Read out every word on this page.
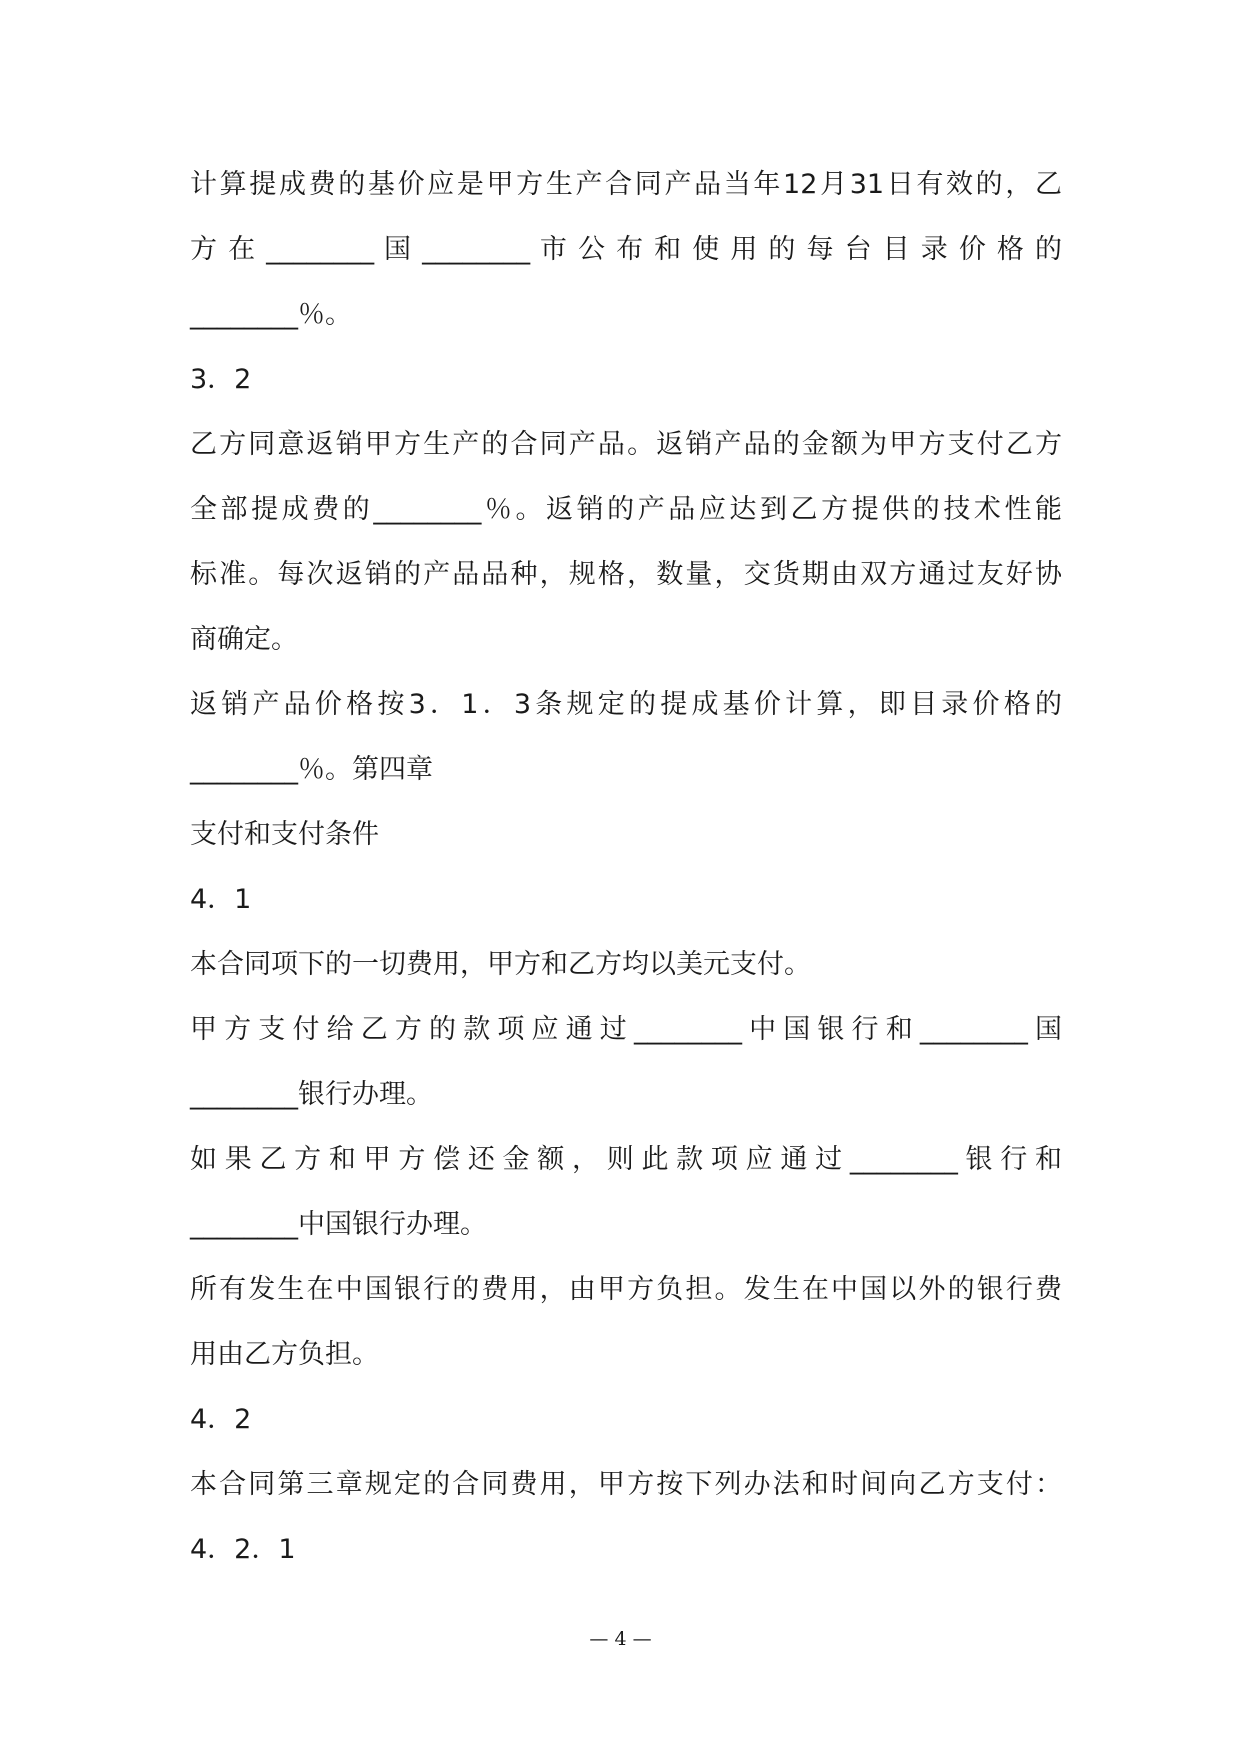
计算提成费的基价应是甲方生产合同产品当年12月31日有效的，乙
方 在 ________ 国 ________ 市 公 布 和 使 用 的 每 台 目 录 价 格 的
________％。
3．2
乙方同意返销甲方生产的合同产品。返销产品的金额为甲方支付乙方
全部提成费的________％。返销的产品应达到乙方提供的技术性能
标准。每次返销的产品品种，规格，数量，交货期由双方通过友好协
商确定。
返销产品价格按3．1．3条规定的提成基价计算，即目录价格的
________％。第四章
支付和支付条件
4．1
本合同项下的一切费用，甲方和乙方均以美元支付。
甲方支付给乙方的款项应通过________中国银行和________国
________银行办理。
如果乙方和甲方偿还金额，则此款项应通过________银行和
________中国银行办理。
所有发生在中国银行的费用，由甲方负担。发生在中国以外的银行费
用由乙方负担。
4．2
本合同第三章规定的合同费用，甲方按下列办法和时间向乙方支付：
4．2．1
— 4 —
